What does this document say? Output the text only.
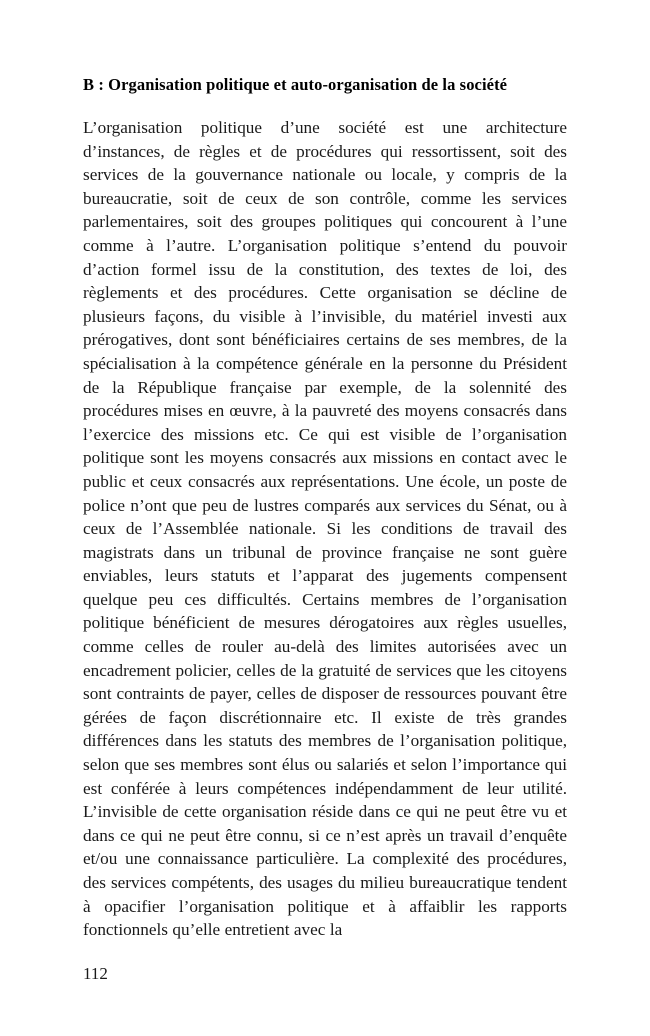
B : Organisation politique et auto-organisation de la société

L’organisation politique d’une société est une architecture d’instances, de règles et de procédures qui ressortissent, soit des services de la gouvernance nationale ou locale, y compris de la bureaucratie, soit de ceux de son contrôle, comme les services parlementaires, soit des groupes politiques qui concourent à l’une comme à l’autre. L’organisation politique s’entend du pouvoir d’action formel issu de la constitution, des textes de loi, des règlements et des procédures. Cette organisation se décline de plusieurs façons, du visible à l’invisible, du matériel investi aux prérogatives, dont sont bénéficiaires certains de ses membres, de la spécialisation à la compétence générale en la personne du Président de la République française par exemple, de la solennité des procédures mises en œuvre, à la pauvreté des moyens consacrés dans l’exercice des missions etc. Ce qui est visible de l’organisation politique sont les moyens consacrés aux missions en contact avec le public et ceux consacrés aux représentations. Une école, un poste de police n’ont que peu de lustres comparés aux services du Sénat, ou à ceux de l’Assemblée nationale. Si les conditions de travail des magistrats dans un tribunal de province française ne sont guère enviables, leurs statuts et l’apparat des jugements compensent quelque peu ces difficultés. Certains membres de l’organisation politique bénéficient de mesures dérogatoires aux règles usuelles, comme celles de rouler au-delà des limites autorisées avec un encadrement policier, celles de la gratuité de services que les citoyens sont contraints de payer, celles de disposer de ressources pouvant être gérées de façon discrétionnaire etc. Il existe de très grandes différences dans les statuts des membres de l’organisation politique, selon que ses membres sont élus ou salariés et selon l’importance qui est conférée à leurs compétences indépendamment de leur utilité. L’invisible de cette organisation réside dans ce qui ne peut être vu et dans ce qui ne peut être connu, si ce n’est après un travail d’enquête et/ou une connaissance particulière. La complexité des procédures, des services compétents, des usages du milieu bureaucratique tendent à opacifier l’organisation politique et à affaiblir les rapports fonctionnels qu’elle entretient avec la

112
